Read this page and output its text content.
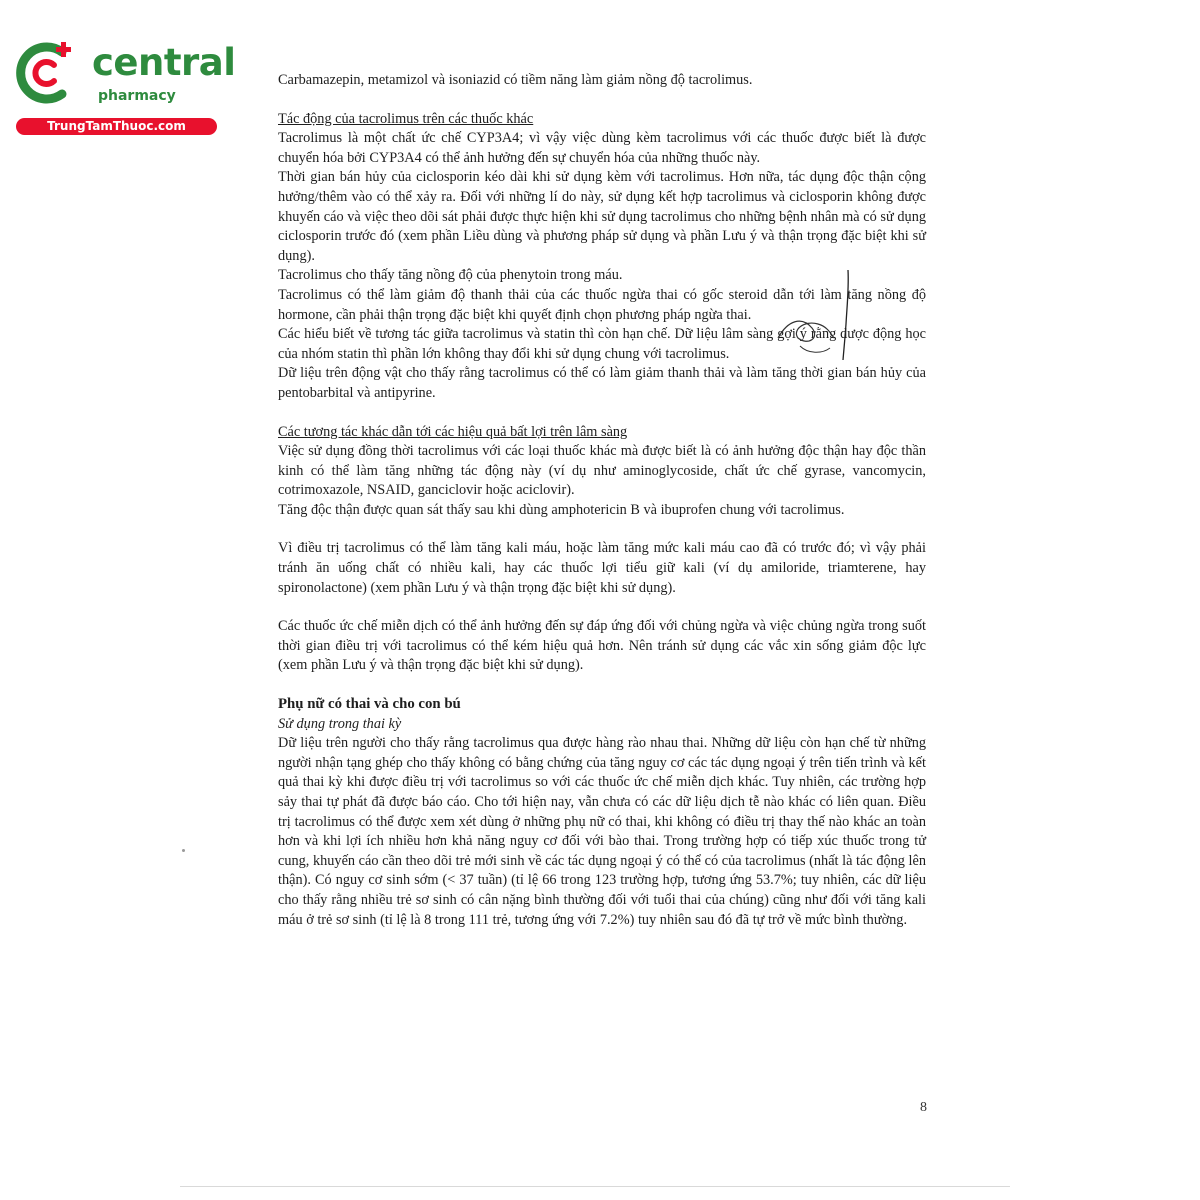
central
pharmacy
TrungTamThuoc.com

Carbamazepin, metamizol và isoniazid có tiềm năng làm giảm nồng độ tacrolimus.

Tác động của tacrolimus trên các thuốc khác

Tacrolimus là một chất ức chế CYP3A4; vì vậy việc dùng kèm tacrolimus với các thuốc được biết là được chuyển hóa bởi CYP3A4 có thể ảnh hưởng đến sự chuyển hóa của những thuốc này.

Thời gian bán hủy của ciclosporin kéo dài khi sử dụng kèm với tacrolimus. Hơn nữa, tác dụng độc thận cộng hưởng/thêm vào có thể xảy ra. Đối với những lí do này, sử dụng kết hợp tacrolimus và ciclosporin không được khuyến cáo và việc theo dõi sát phải được thực hiện khi sử dụng tacrolimus cho những bệnh nhân mà có sử dụng ciclosporin trước đó (xem phần Liều dùng và phương pháp sử dụng và phần Lưu ý và thận trọng đặc biệt khi sử dụng).

Tacrolimus cho thấy tăng nồng độ của phenytoin trong máu.

Tacrolimus có thể làm giảm độ thanh thải của các thuốc ngừa thai có gốc steroid dẫn tới làm tăng nồng độ hormone, cần phải thận trọng đặc biệt khi quyết định chọn phương pháp ngừa thai.

Các hiểu biết về tương tác giữa tacrolimus và statin thì còn hạn chế. Dữ liệu lâm sàng gợi ý rằng dược động học của nhóm statin thì phần lớn không thay đổi khi sử dụng chung với tacrolimus.

Dữ liệu trên động vật cho thấy rằng tacrolimus có thể có làm giảm thanh thải và làm tăng thời gian bán hủy của pentobarbital và antipyrine.

Các tương tác khác dẫn tới các hiệu quả bất lợi trên lâm sàng

Việc sử dụng đồng thời tacrolimus với các loại thuốc khác mà được biết là có ảnh hưởng độc thận hay độc thần kinh có thể làm tăng những tác động này (ví dụ như aminoglycoside, chất ức chế gyrase, vancomycin, cotrimoxazole, NSAID, ganciclovir hoặc aciclovir).

Tăng độc thận được quan sát thấy sau khi dùng amphotericin B và ibuprofen chung với tacrolimus.

Vì điều trị tacrolimus có thể làm tăng kali máu, hoặc làm tăng mức kali máu cao đã có trước đó; vì vậy phải tránh ăn uống chất có nhiều kali, hay các thuốc lợi tiểu giữ kali (ví dụ amiloride, triamterene, hay spironolactone) (xem phần Lưu ý và thận trọng đặc biệt khi sử dụng).

Các thuốc ức chế miễn dịch có thể ảnh hưởng đến sự đáp ứng đối với chủng ngừa và việc chủng ngừa trong suốt thời gian điều trị với tacrolimus có thể kém hiệu quả hơn. Nên tránh sử dụng các vắc xin sống giảm độc lực (xem phần Lưu ý và thận trọng đặc biệt khi sử dụng).

Phụ nữ có thai và cho con bú

Sử dụng trong thai kỳ

Dữ liệu trên người cho thấy rằng tacrolimus qua được hàng rào nhau thai. Những dữ liệu còn hạn chế từ những người nhận tạng ghép cho thấy không có bằng chứng của tăng nguy cơ các tác dụng ngoại ý trên tiến trình và kết quả thai kỳ khi được điều trị với tacrolimus so với các thuốc ức chế miễn dịch khác. Tuy nhiên, các trường hợp sảy thai tự phát đã được báo cáo. Cho tới hiện nay, vẫn chưa có các dữ liệu dịch tễ nào khác có liên quan. Điều trị tacrolimus có thể được xem xét dùng ở những phụ nữ có thai, khi không có điều trị thay thế nào khác an toàn hơn và khi lợi ích nhiều hơn khả năng nguy cơ đối với bào thai. Trong trường hợp có tiếp xúc thuốc trong tử cung, khuyến cáo cần theo dõi trẻ mới sinh về các tác dụng ngoại ý có thể có của tacrolimus (nhất là tác động lên thận). Có nguy cơ sinh sớm (< 37 tuần) (tỉ lệ 66 trong 123 trường hợp, tương ứng 53.7%; tuy nhiên, các dữ liệu cho thấy rằng nhiều trẻ sơ sinh có cân nặng bình thường đối với tuổi thai của chúng) cũng như đối với tăng kali máu ở trẻ sơ sinh (tỉ lệ là 8 trong 111 trẻ, tương ứng với 7.2%) tuy nhiên sau đó đã tự trở về mức bình thường.

8
